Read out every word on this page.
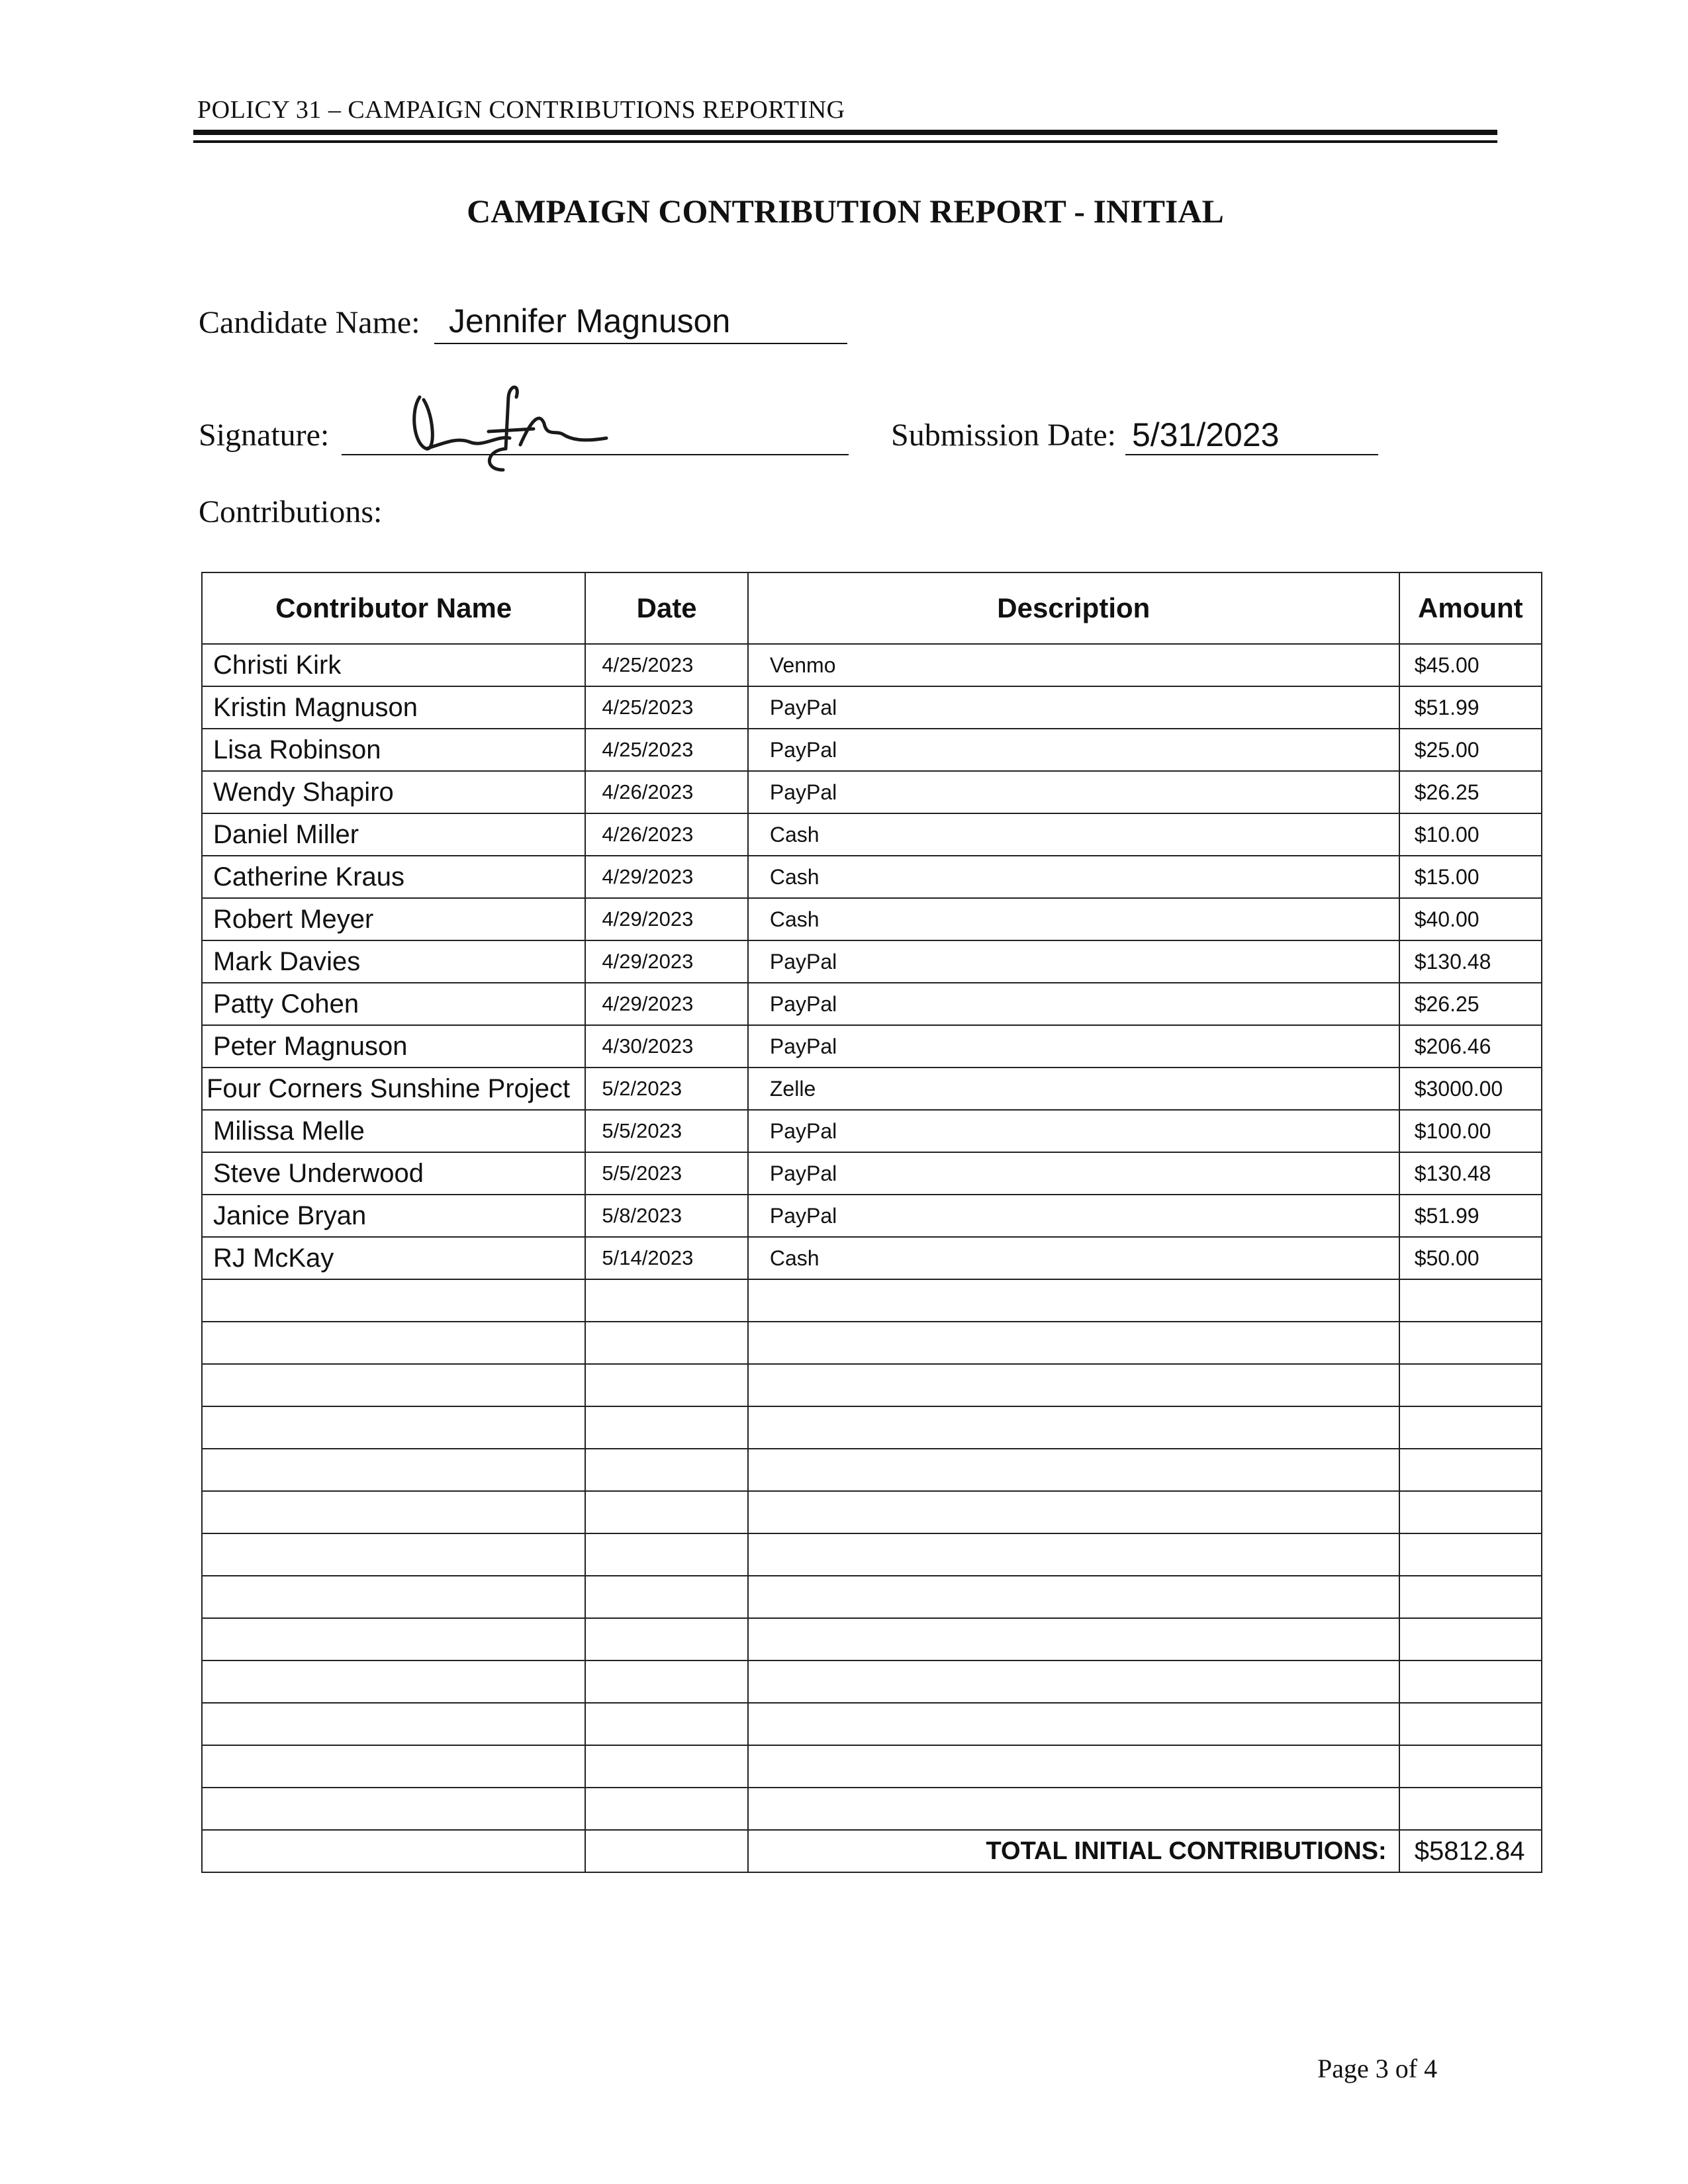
POLICY 31 – CAMPAIGN CONTRIBUTIONS REPORTING
CAMPAIGN CONTRIBUTION REPORT - INITIAL
Candidate Name: Jennifer Magnuson
Signature:	Submission Date: 5/31/2023
Contributions:
Contributor Name	Date	Description	Amount
Christi Kirk	4/25/2023	Venmo	$45.00
Kristin Magnuson	4/25/2023	PayPal	$51.99
Lisa Robinson	4/25/2023	PayPal	$25.00
Wendy Shapiro	4/26/2023	PayPal	$26.25
Daniel Miller	4/26/2023	Cash	$10.00
Catherine Kraus	4/29/2023	Cash	$15.00
Robert Meyer	4/29/2023	Cash	$40.00
Mark Davies	4/29/2023	PayPal	$130.48
Patty Cohen	4/29/2023	PayPal	$26.25
Peter Magnuson	4/30/2023	PayPal	$206.46
Four Corners Sunshine Project	5/2/2023	Zelle	$3000.00
Milissa Melle	5/5/2023	PayPal	$100.00
Steve Underwood	5/5/2023	PayPal	$130.48
Janice Bryan	5/8/2023	PayPal	$51.99
RJ McKay	5/14/2023	Cash	$50.00

		TOTAL INITIAL CONTRIBUTIONS:	$5812.84
Page 3 of 4
